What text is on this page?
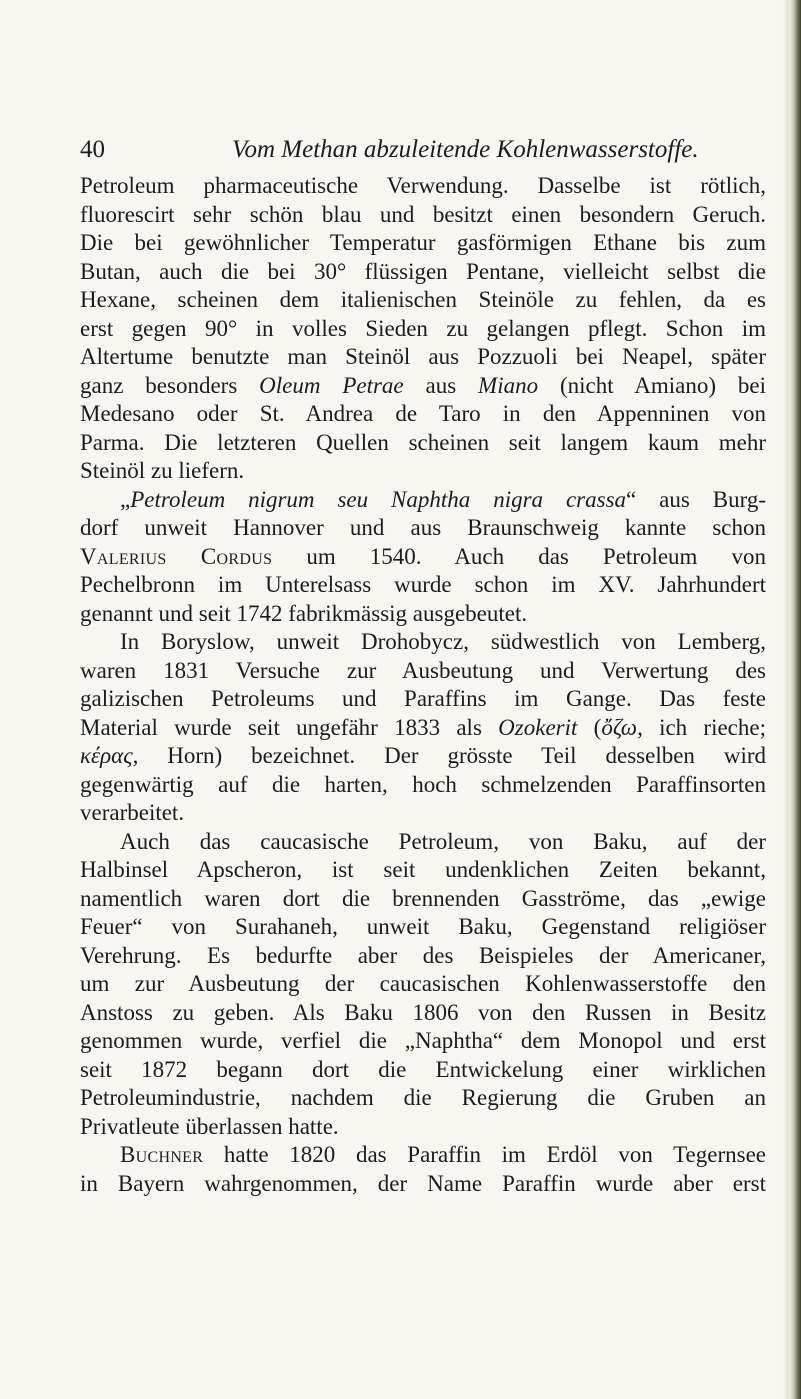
40	Vom Methan abzuleitende Kohlenwasserstoffe.
Petroleum pharmaceutische Verwendung. Dasselbe ist rötlich,
fluorescirt sehr schön blau und besitzt einen besondern Geruch.
Die bei gewöhnlicher Temperatur gasförmigen Ethane bis zum
Butan, auch die bei 30° flüssigen Pentane, vielleicht selbst die
Hexane, scheinen dem italienischen Steinöle zu fehlen, da es
erst gegen 90° in volles Sieden zu gelangen pflegt. Schon im
Altertume benutzte man Steinöl aus Pozzuoli bei Neapel, später
ganz besonders Oleum Petrae aus Miano (nicht Amiano) bei
Medesano oder St. Andrea de Taro in den Appenninen von
Parma. Die letzteren Quellen scheinen seit langem kaum mehr
Steinöl zu liefern.
„Petroleum nigrum seu Naphtha nigra crassa“ aus Burg-
dorf unweit Hannover und aus Braunschweig kannte schon
Valerius Cordus um 1540. Auch das Petroleum von
Pechelbronn im Unterelsass wurde schon im XV. Jahrhundert
genannt und seit 1742 fabrikmässig ausgebeutet.
In Boryslow, unweit Drohobycz, südwestlich von Lemberg,
waren 1831 Versuche zur Ausbeutung und Verwertung des
galizischen Petroleums und Paraffins im Gange. Das feste
Material wurde seit ungefähr 1833 als Ozokerit (ὄζω, ich rieche;
κέρας, Horn) bezeichnet. Der grösste Teil desselben wird
gegenwärtig auf die harten, hoch schmelzenden Paraffinsorten
verarbeitet.
Auch das caucasische Petroleum, von Baku, auf der
Halbinsel Apscheron, ist seit undenklichen Zeiten bekannt,
namentlich waren dort die brennenden Gasströme, das „ewige
Feuer“ von Surahaneh, unweit Baku, Gegenstand religiöser
Verehrung. Es bedurfte aber des Beispieles der Americaner,
um zur Ausbeutung der caucasischen Kohlenwasserstoffe den
Anstoss zu geben. Als Baku 1806 von den Russen in Besitz
genommen wurde, verfiel die „Naphtha“ dem Monopol und erst
seit 1872 begann dort die Entwickelung einer wirklichen
Petroleumindustrie, nachdem die Regierung die Gruben an
Privatleute überlassen hatte.
Buchner hatte 1820 das Paraffin im Erdöl von Tegernsee
in Bayern wahrgenommen, der Name Paraffin wurde aber erst
